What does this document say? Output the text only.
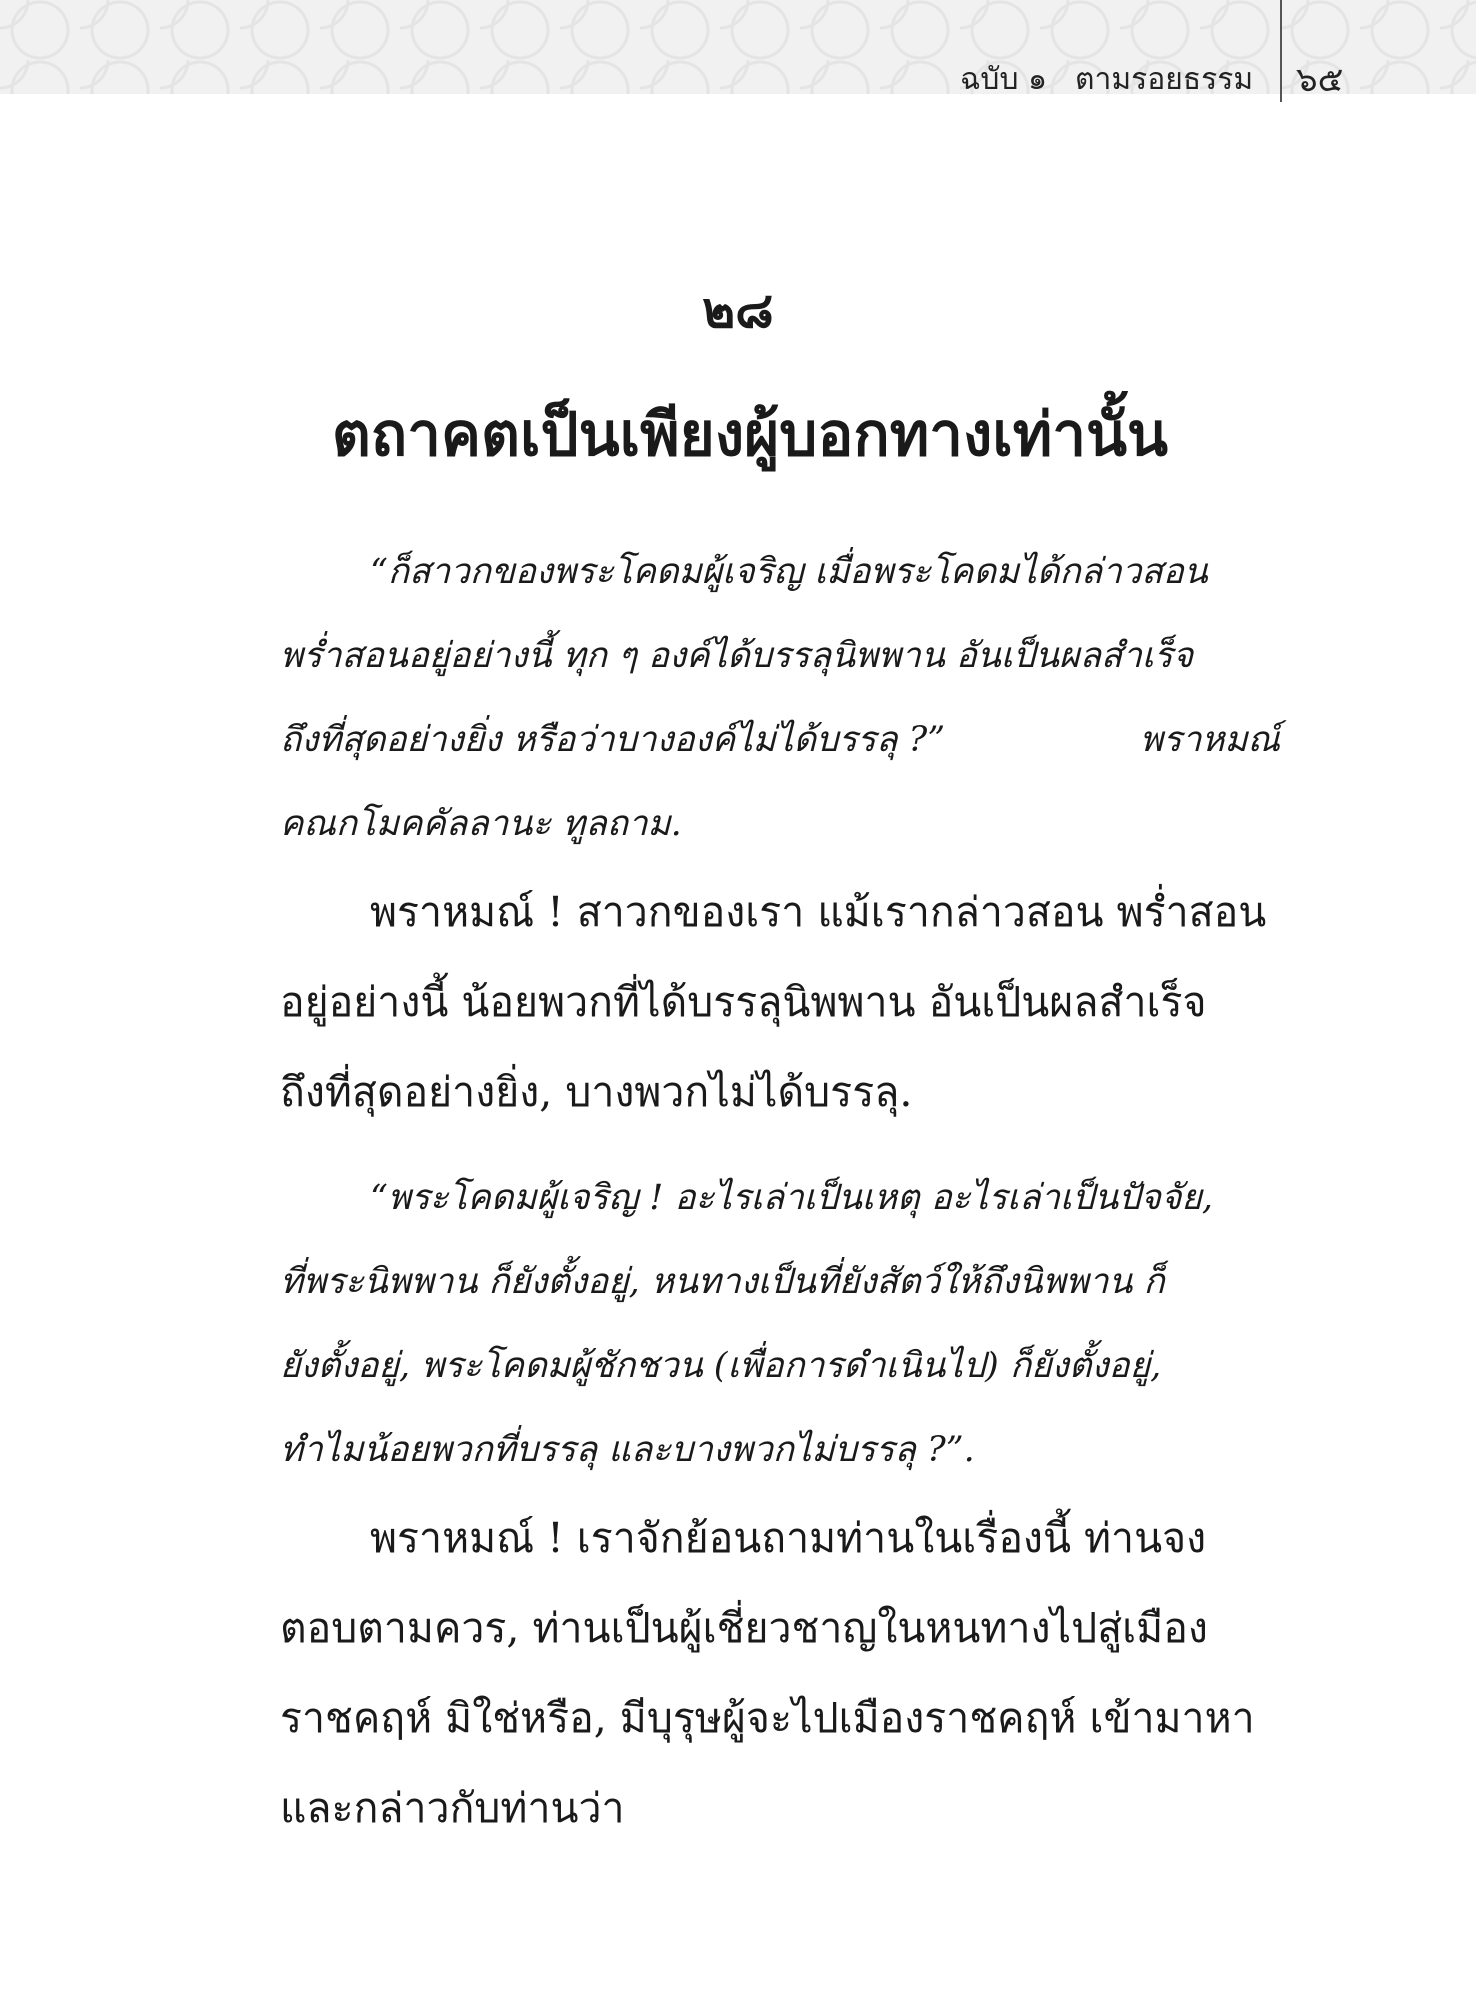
ฉบับ ๑ ตามรอยธรรม ๖๕
๒๘
ตถาคตเป็นเพียงผู้บอกทางเท่านั้น
“ก็สาวกของพระโคดมผู้เจริญ เมื่อพระโคดมได้กล่าวสอน
พร่ำสอนอยู่อย่างนี้ ทุก ๆ องค์ได้บรรลุนิพพาน อันเป็นผลสำเร็จ
ถึงที่สุดอย่างยิ่ง หรือว่าบางองค์ไม่ได้บรรลุ ?”	พราหมณ์
คณกโมคคัลลานะ ทูลถาม.
พราหมณ์ ! สาวกของเรา แม้เรากล่าวสอน พร่ำสอน
อยู่อย่างนี้ น้อยพวกที่ได้บรรลุนิพพาน อันเป็นผลสำเร็จ
ถึงที่สุดอย่างยิ่ง, บางพวกไม่ได้บรรลุ.
“พระโคดมผู้เจริญ ! อะไรเล่าเป็นเหตุ อะไรเล่าเป็นปัจจัย,
ที่พระนิพพาน ก็ยังตั้งอยู่, หนทางเป็นที่ยังสัตว์ให้ถึงนิพพาน ก็
ยังตั้งอยู่, พระโคดมผู้ชักชวน (เพื่อการดำเนินไป) ก็ยังตั้งอยู่,
ทำไมน้อยพวกที่บรรลุ และบางพวกไม่บรรลุ ?”.
พราหมณ์ ! เราจักย้อนถามท่านในเรื่องนี้ ท่านจง
ตอบตามควร, ท่านเป็นผู้เชี่ยวชาญในหนทางไปสู่เมือง
ราชคฤห์ มิใช่หรือ, มีบุรุษผู้จะไปเมืองราชคฤห์ เข้ามาหา
และกล่าวกับท่านว่า
